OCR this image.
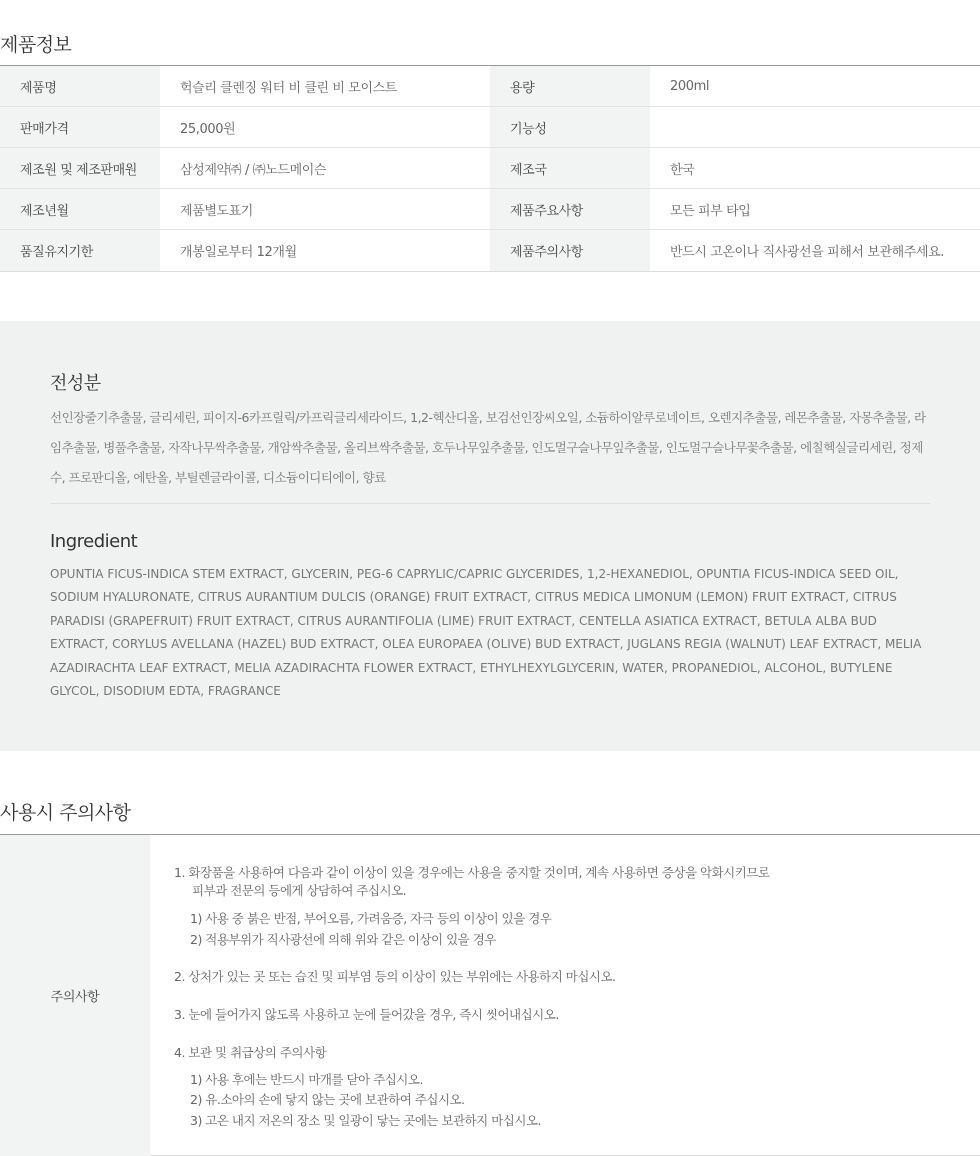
제품정보
제품명	헉슬리 클렌징 워터 비 클린 비 모이스트	용량	200ml
판매가격	25,000원	기능성
제조원 및 제조판매원	삼성제약㈜ / ㈜노드메이슨	제조국	한국
제조년월	제품별도표기	제품주요사항	모든 피부 타입
품질유지기한	개봉일로부터 12개월	제품주의사항	반드시 고온이나 직사광선을 피해서 보관해주세요.
전성분
선인장줄기추출물, 글리세린, 피이지-6카프릴릭/카프릭글리세라이드, 1,2-헥산디올, 보검선인장씨오일, 소듐하이알루로네이트, 오렌지추출물, 레몬추출물, 자몽추출물, 라임추출물, 병풀추출물, 자작나무싹추출물, 개암싹추출물, 올리브싹추출물, 호두나무잎추출물, 인도멀구슬나무잎추출물, 인도멀구슬나무꽃추출물, 에칠헥실글리세린, 정제수, 프로판디올, 에탄올, 부틸렌글라이콜, 디소듐이디티에이, 향료
Ingredient
OPUNTIA FICUS-INDICA STEM EXTRACT, GLYCERIN, PEG-6 CAPRYLIC/CAPRIC GLYCERIDES, 1,2-HEXANEDIOL, OPUNTIA FICUS-INDICA SEED OIL, SODIUM HYALURONATE, CITRUS AURANTIUM DULCIS (ORANGE) FRUIT EXTRACT, CITRUS MEDICA LIMONUM (LEMON) FRUIT EXTRACT, CITRUS PARADISI (GRAPEFRUIT) FRUIT EXTRACT, CITRUS AURANTIFOLIA (LIME) FRUIT EXTRACT, CENTELLA ASIATICA EXTRACT, BETULA ALBA BUD EXTRACT, CORYLUS AVELLANA (HAZEL) BUD EXTRACT, OLEA EUROPAEA (OLIVE) BUD EXTRACT, JUGLANS REGIA (WALNUT) LEAF EXTRACT, MELIA AZADIRACHTA LEAF EXTRACT, MELIA AZADIRACHTA FLOWER EXTRACT, ETHYLHEXYLGLYCERIN, WATER, PROPANEDIOL, ALCOHOL, BUTYLENE GLYCOL, DISODIUM EDTA, FRAGRANCE
사용시 주의사항
주의사항
1. 화장품을 사용하여 다음과 같이 이상이 있을 경우에는 사용을 중지할 것이며, 계속 사용하면 증상을 악화시키므로
피부과 전문의 등에게 상담하여 주십시오.
1) 사용 중 붉은 반점, 부어오름, 가려움증, 자극 등의 이상이 있을 경우
2) 적용부위가 직사광선에 의해 위와 같은 이상이 있을 경우
2. 상처가 있는 곳 또는 습진 및 피부염 등의 이상이 있는 부위에는 사용하지 마십시오.
3. 눈에 들어가지 않도록 사용하고 눈에 들어갔을 경우, 즉시 씻어내십시오.
4. 보관 및 취급상의 주의사항
1) 사용 후에는 반드시 마개를 닫아 주십시오.
2) 유.소아의 손에 닿지 않는 곳에 보관하여 주십시오.
3) 고온 내지 저온의 장소 및 일광이 닿는 곳에는 보관하지 마십시오.
